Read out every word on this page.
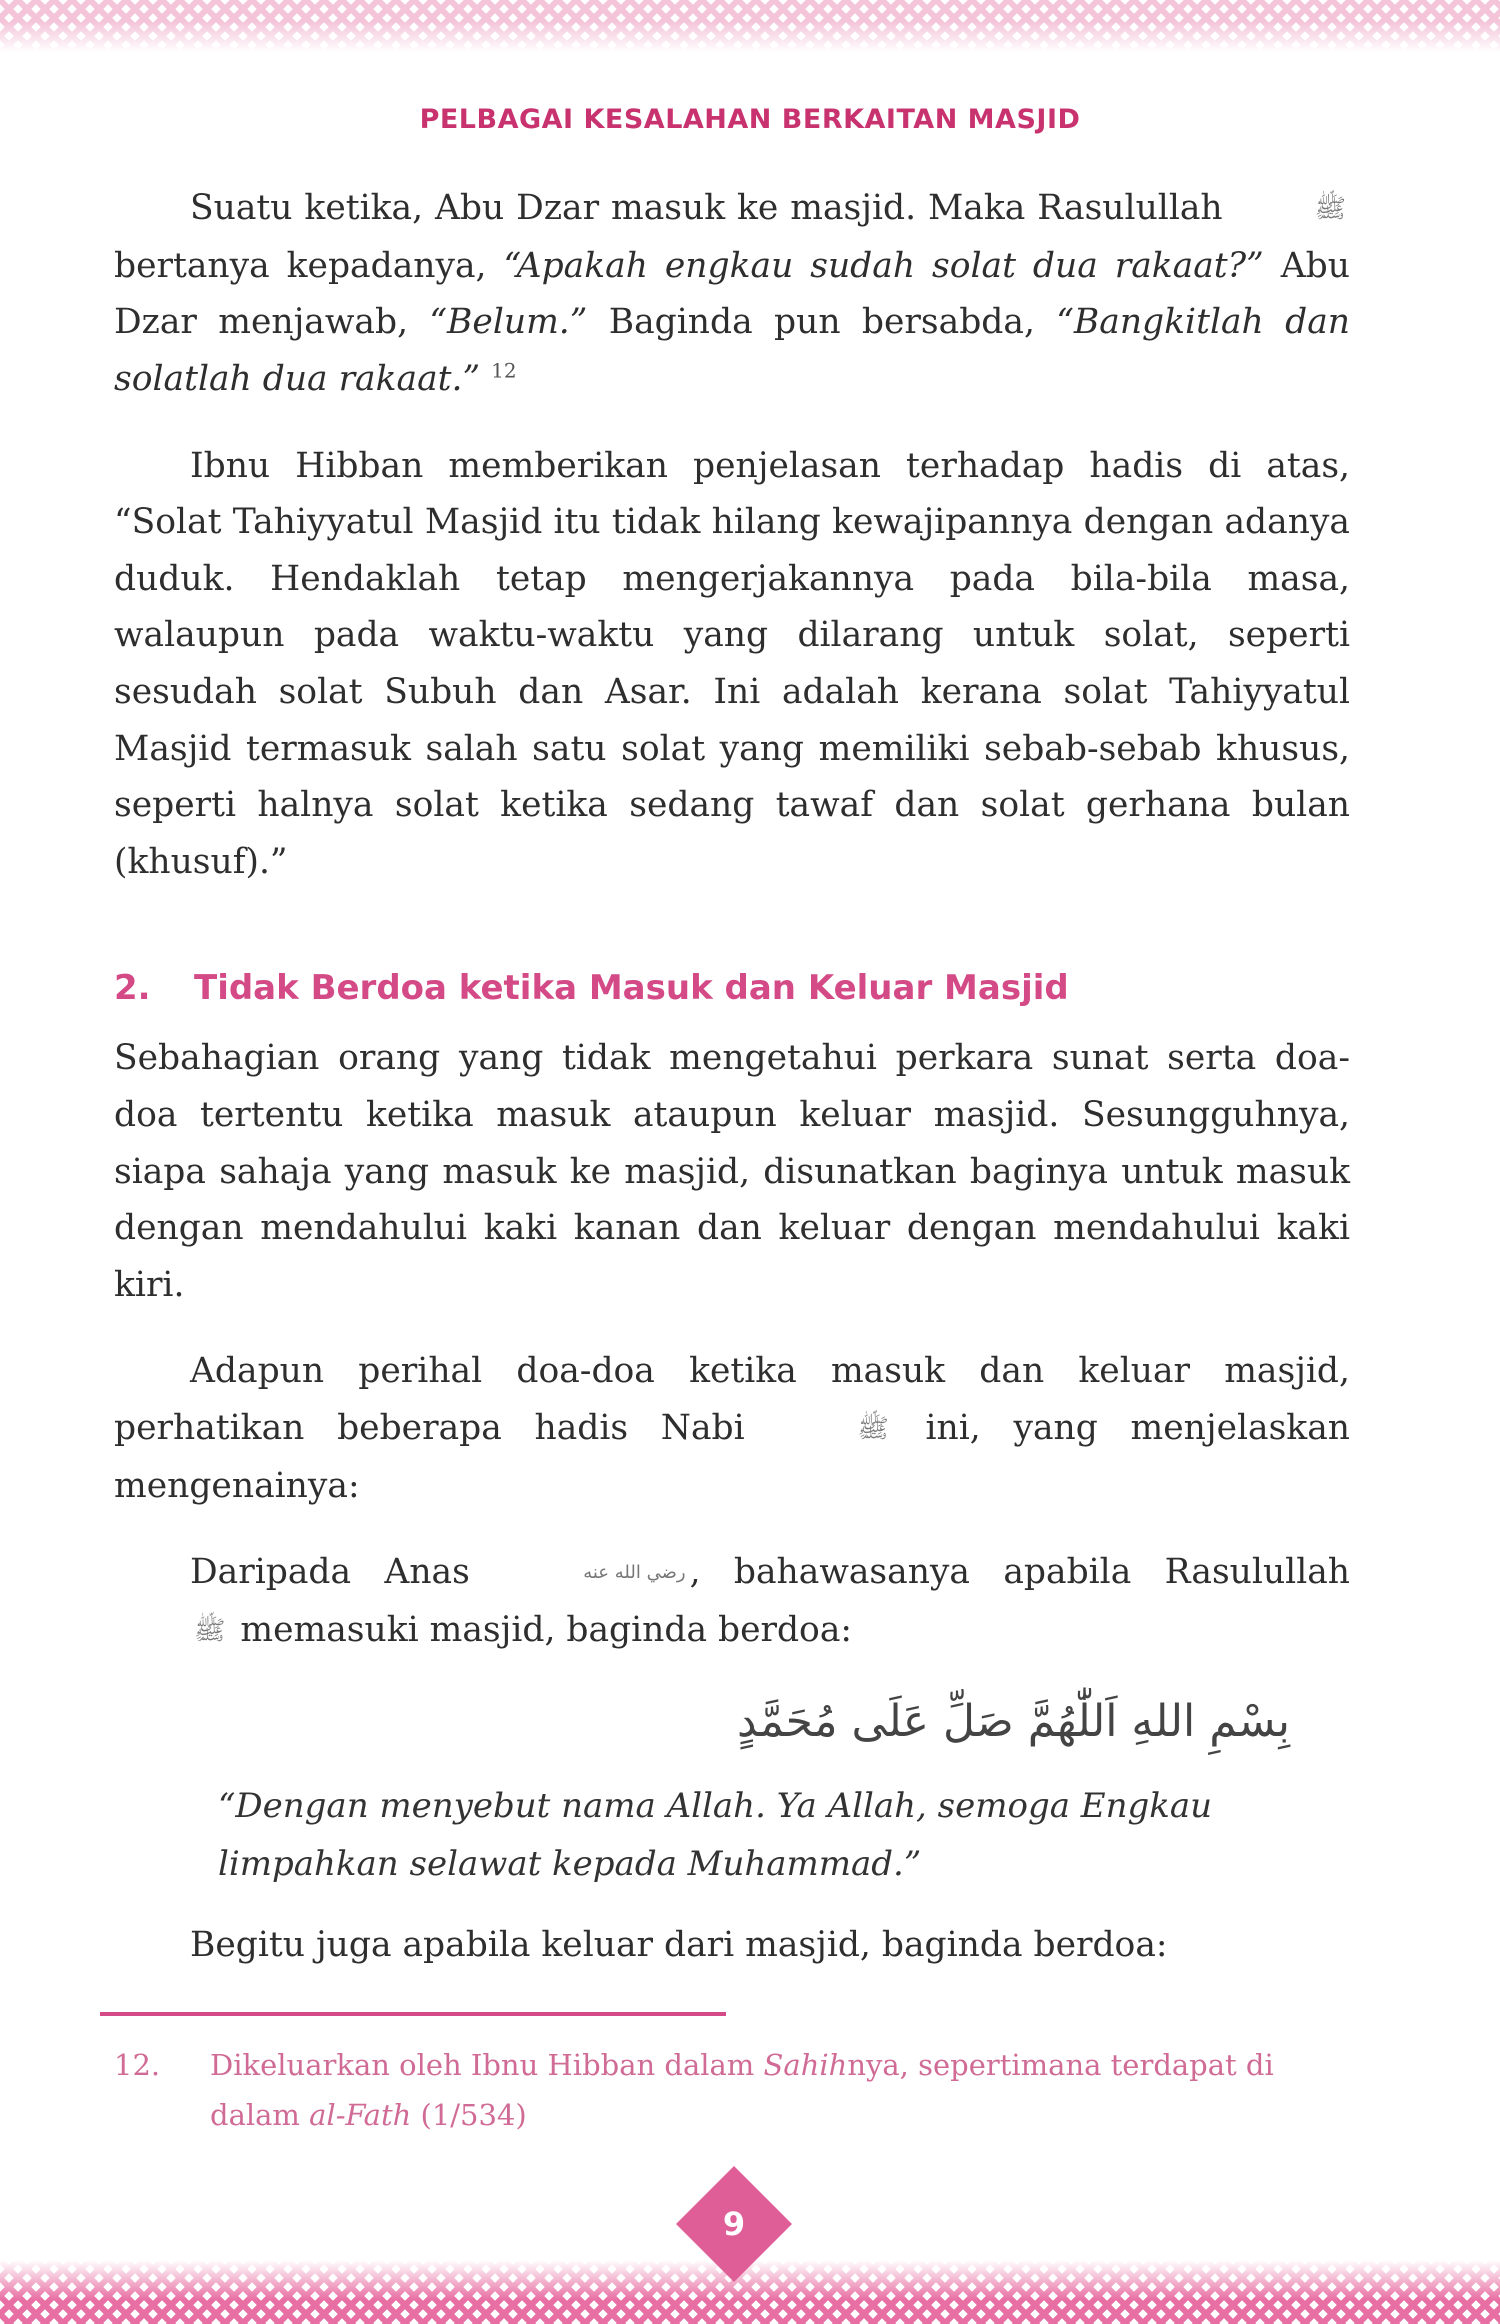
PELBAGAI KESALAHAN BERKAITAN MASJID

Suatu ketika, Abu Dzar masuk ke masjid. Maka Rasulullah	ﷺ bertanya kepadanya, “Apakah engkau sudah solat dua rakaat?” Abu Dzar menjawab, “Belum.” Baginda pun bersabda, “Bangkitlah dan solatlah dua rakaat.” $^{12}$

Ibnu Hibban memberikan penjelasan terhadap hadis di atas, “Solat Tahiyyatul Masjid itu tidak hilang kewajipannya dengan adanya duduk. Hendaklah tetap mengerjakannya pada bila-bila masa, walaupun pada waktu-waktu yang dilarang untuk solat, seperti sesudah solat Subuh dan Asar. Ini adalah kerana solat Tahiyyatul Masjid termasuk salah satu solat yang memiliki sebab-sebab khusus, seperti halnya solat ketika sedang tawaf dan solat gerhana bulan (khusuf).”

2. Tidak Berdoa ketika Masuk dan Keluar Masjid

Sebahagian orang yang tidak mengetahui perkara sunat serta doa-doa tertentu ketika masuk ataupun keluar masjid. Sesungguhnya, siapa sahaja yang masuk ke masjid, disunatkan baginya untuk masuk dengan mendahului kaki kanan dan keluar dengan mendahului kaki kiri.

Adapun perihal doa-doa ketika masuk dan keluar masjid, perhatikan beberapa hadis Nabi	ﷺ ini, yang menjelaskan mengenainya:

Daripada Anas	رضي الله عنه , bahawasanya apabila Rasulullah ﷺ memasuki masjid, baginda berdoa:

بِسْمِ اللهِ اَللّٰهُمَّ صَلِّ عَلَى مُحَمَّدٍ

“Dengan menyebut nama Allah. Ya Allah, semoga Engkau limpahkan selawat kepada Muhammad.”

Begitu juga apabila keluar dari masjid, baginda berdoa:

12.	Dikeluarkan oleh Ibnu Hibban dalam Sahihnya, sepertimana terdapat di dalam al-Fath (1/534)
9
